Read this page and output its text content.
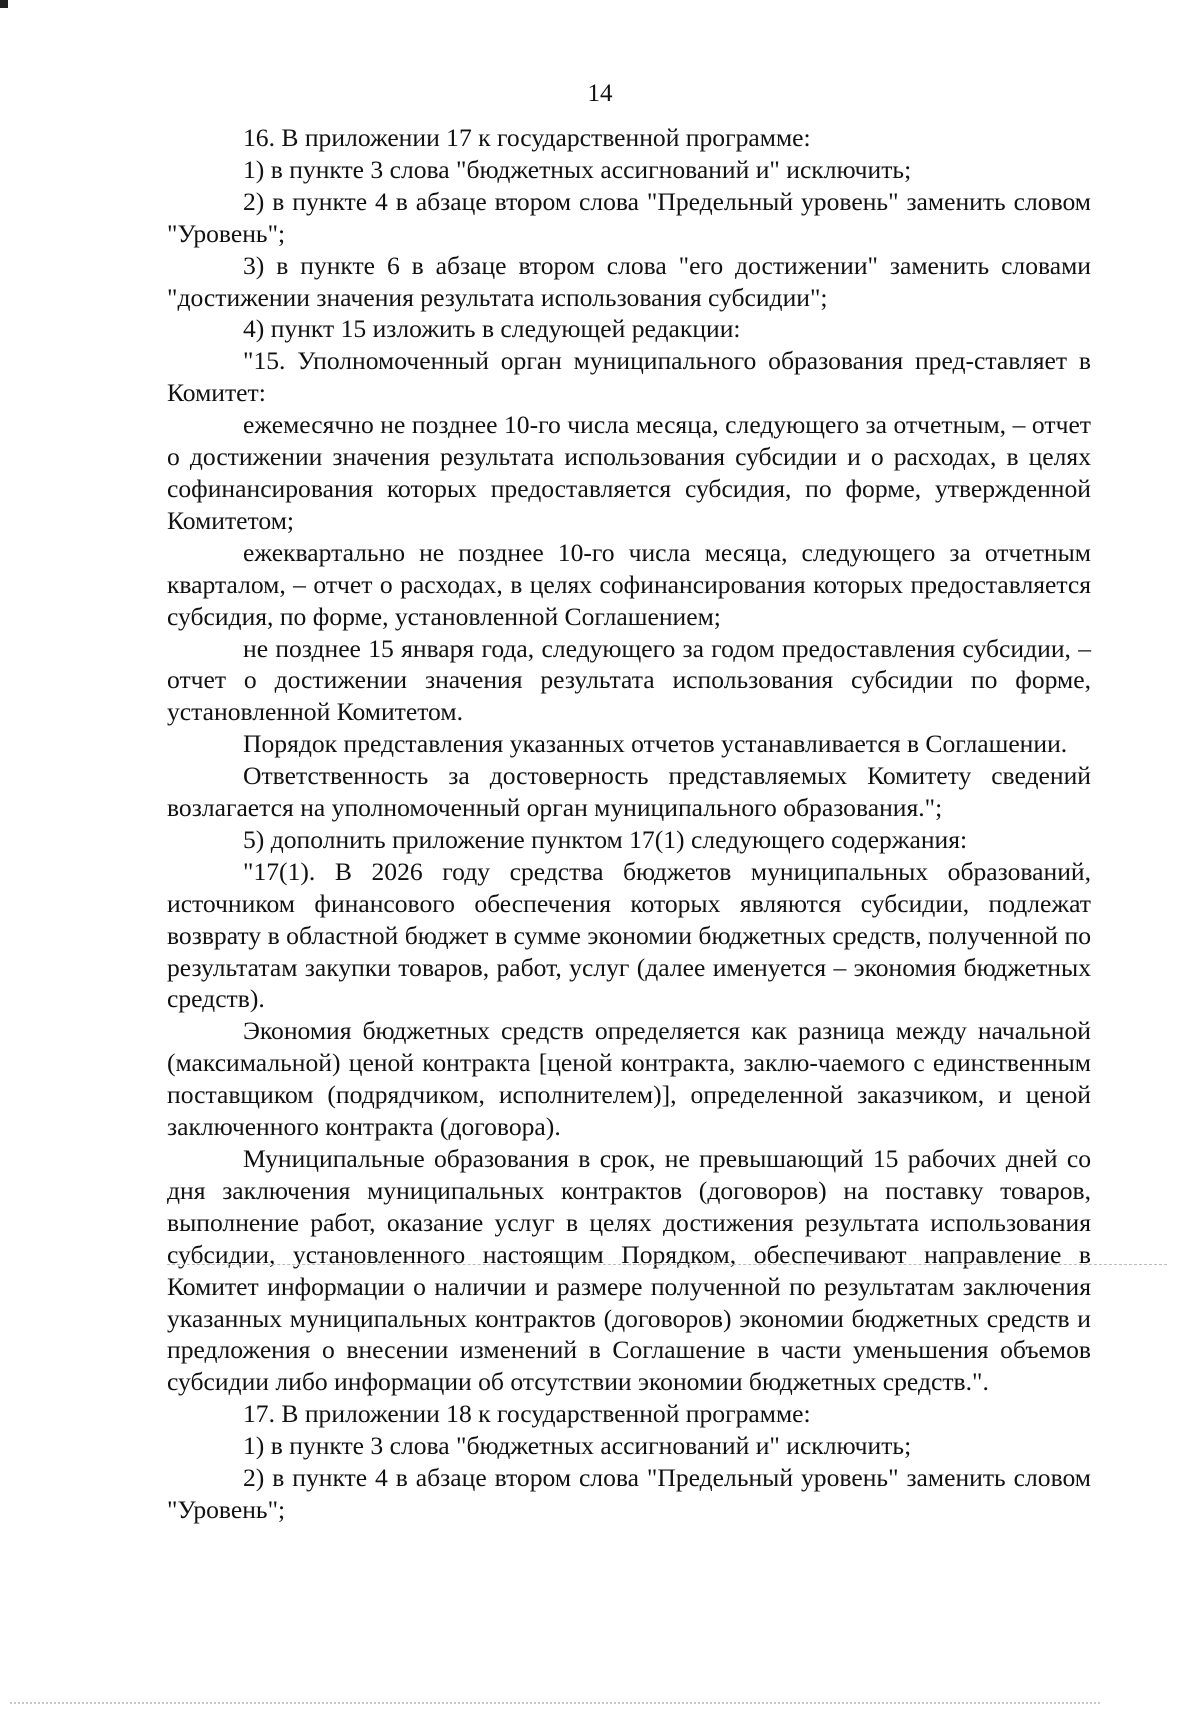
14

16. В приложении 17 к государственной программе:

1) в пункте 3 слова "бюджетных ассигнований и" исключить;

2) в пункте 4 в абзаце втором слова "Предельный уровень" заменить словом "Уровень";

3) в пункте 6 в абзаце втором слова "его достижении" заменить словами "достижении значения результата использования субсидии";

4) пункт 15 изложить в следующей редакции:

"15. Уполномоченный орган муниципального образования пред-ставляет в Комитет:

ежемесячно не позднее 10-го числа месяца, следующего за отчетным, – отчет о достижении значения результата использования субсидии и о расходах, в целях софинансирования которых предоставляется субсидия, по форме, утвержденной Комитетом;

ежеквартально не позднее 10-го числа месяца, следующего за отчетным кварталом, – отчет о расходах, в целях софинансирования которых предоставляется субсидия, по форме, установленной Соглашением;

не позднее 15 января года, следующего за годом предоставления субсидии, – отчет о достижении значения результата использования субсидии по форме, установленной Комитетом.

Порядок представления указанных отчетов устанавливается в Соглашении.

Ответственность за достоверность представляемых Комитету сведений возлагается на уполномоченный орган муниципального образования.";

5) дополнить приложение пунктом 17(1) следующего содержания:

"17(1). В 2026 году средства бюджетов муниципальных образований, источником финансового обеспечения которых являются субсидии, подлежат возврату в областной бюджет в сумме экономии бюджетных средств, полученной по результатам закупки товаров, работ, услуг (далее именуется – экономия бюджетных средств).

Экономия бюджетных средств определяется как разница между начальной (максимальной) ценой контракта [ценой контракта, заклю-чаемого с единственным поставщиком (подрядчиком, исполнителем)], определенной заказчиком, и ценой заключенного контракта (договора).

Муниципальные образования в срок, не превышающий 15 рабочих дней со дня заключения муниципальных контрактов (договоров) на поставку товаров, выполнение работ, оказание услуг в целях достижения результата использования субсидии, установленного настоящим Порядком, обеспечивают направление в Комитет информации о наличии и размере полученной по результатам заключения указанных муниципальных контрактов (договоров) экономии бюджетных средств и предложения о внесении изменений в Соглашение в части уменьшения объемов субсидии либо информации об отсутствии экономии бюджетных средств.".

17. В приложении 18 к государственной программе:

1) в пункте 3 слова "бюджетных ассигнований и" исключить;

2) в пункте 4 в абзаце втором слова "Предельный уровень" заменить словом "Уровень";
